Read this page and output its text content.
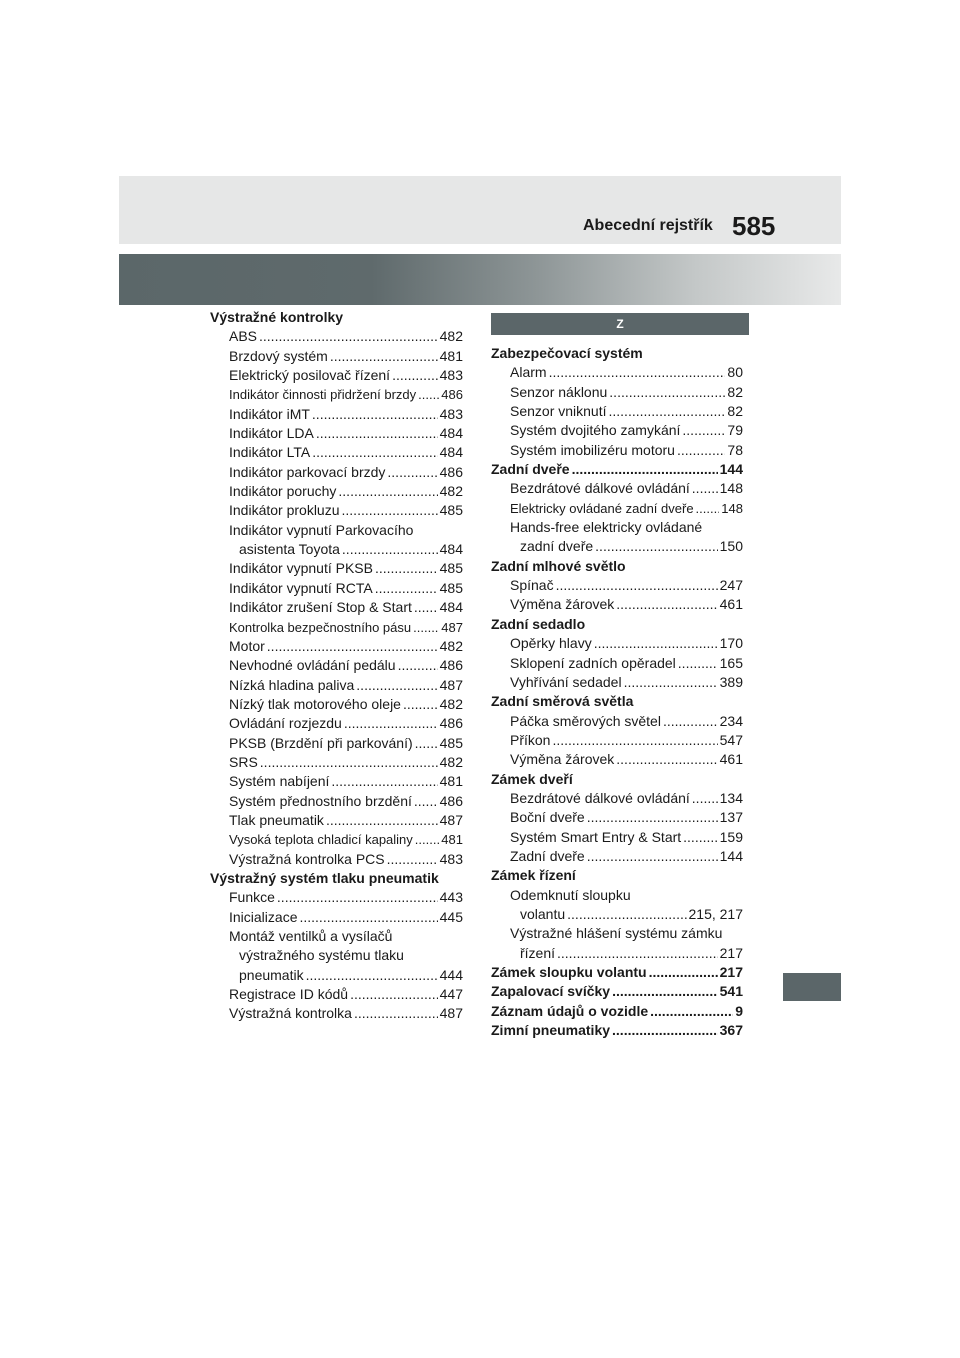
Abecední rejstřík 585
Výstražné kontrolky
ABS .....	482
Brzdový systém .....	481
Elektrický posilovač řízení .....	483
Indikátor činnosti přidržení brzdy ..... 486
Indikátor iMT .....	483
Indikátor LDA .....	484
Indikátor LTA .....	484
Indikátor parkovací brzdy .....	486
Indikátor poruchy .....	482
Indikátor prokluzu .....	485
Indikátor vypnutí Parkovacího
asistenta Toyota .....	484
Indikátor vypnutí PKSB .....	485
Indikátor vypnutí RCTA .....	485
Indikátor zrušení Stop & Start ..... 484
Kontrolka bezpečnostního pásu ..... 487
Motor .....	482
Nevhodné ovládání pedálu .....	486
Nízká hladina paliva .....	487
Nízký tlak motorového oleje .....	482
Ovládání rozjezdu .....	486
PKSB (Brzdění při parkování) ..... 485
SRS .....	482
Systém nabíjení .....	481
Systém přednostního brzdění ..... 486
Tlak pneumatik .....	487
Vysoká teplota chladicí kapaliny ..... 481
Výstražná kontrolka PCS .....	483
Výstražný systém tlaku pneumatik
Funkce .....	443
Inicializace .....	445
Montáž ventilků a vysílačů
výstražného systému tlaku
pneumatik .....	444
Registrace ID kódů .....	447
Výstražná kontrolka .....	487
Z
Zabezpečovací systém
Alarm .....	80
Senzor náklonu .....	82
Senzor vniknutí .....	82
Systém dvojitého zamykání .....	79
Systém imobilizéru motoru .....	78
Zadní dveře .....	144
Bezdrátové dálkové ovládání ..... 148
Elektricky ovládané zadní dveře ..... 148
Hands-free elektricky ovládané
zadní dveře .....	150
Zadní mlhové světlo
Spínač .....	247
Výměna žárovek .....	461
Zadní sedadlo
Opěrky hlavy .....	170
Sklopení zadních opěradel .....	165
Vyhřívání sedadel .....	389
Zadní směrová světla
Páčka směrových světel .....	234
Příkon .....	547
Výměna žárovek .....	461
Zámek dveří
Bezdrátové dálkové ovládání ..... 134
Boční dveře .....	137
Systém Smart Entry & Start .....	159
Zadní dveře .....	144
Zámek řízení
Odemknutí sloupku
volantu .....	215, 217
Výstražné hlášení systému zámku
řízení .....	217
Zámek sloupku volantu .....	217
Zapalovací svíčky .....	541
Záznam údajů o vozidle .....	9
Zimní pneumatiky .....	367
